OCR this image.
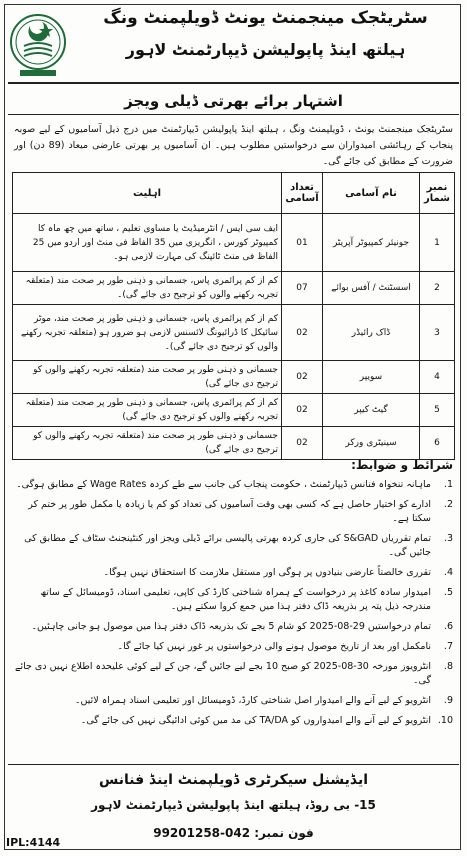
سٹریٹجک مینجمنٹ یونٹ ڈویلپمنٹ ونگ
ہیلتھ اینڈ پاپولیشن ڈیپارٹمنٹ لاہور
اشتہار برائے بھرتی ڈیلی ویجز
سٹریٹجک مینجمنٹ یونٹ ، ڈویلپمنٹ ونگ ، ہیلتھ اینڈ پاپولیشن ڈیپارٹمنٹ میں درج ذیل آسامیوں کے لیے صوبہ پنجاب کے رہائشی امیدواران سے درخواستیں مطلوب ہیں۔ ان آسامیوں پر بھرتی عارضی میعاد (89 دن) اور ضرورت کے مطابق کی جائے گی۔
نمبر شمار	نام آسامی	تعداد آسامی	اہلیت
1	جونیئر کمپیوٹر آپریٹر	01	ایف سی ایس / انٹرمیڈیٹ یا مساوی تعلیم ، ساتھ میں چھ ماہ کا کمپیوٹر کورس ، انگریزی میں 35 الفاظ فی منٹ اور اردو میں 25 الفاظ فی منٹ ٹائپنگ کی مہارت لازمی ہو۔
2	اسسٹنٹ / آفس بوائے	07	کم از کم پرائمری پاس، جسمانی و ذہنی طور پر صحت مند (متعلقہ تجربہ رکھنے والوں کو ترجیح دی جائے گی)۔
3	ڈاک رائیڈر	02	کم از کم پرائمری پاس، جسمانی و ذہنی طور پر صحت مند، موٹر سائیکل کا ڈرائیونگ لائسنس لازمی ہو ضرور ہو (متعلقہ تجربہ رکھنے والوں کو ترجیح دی جائے گی)۔
4	سویپر	02	جسمانی و ذہنی طور پر صحت مند (متعلقہ تجربہ رکھنے والوں کو ترجیح دی جائے گی)
5	گیٹ کیپر	02	کم از کم پرائمری پاس، جسمانی و ذہنی طور پر صحت مند (متعلقہ تجربہ رکھنے والوں کو ترجیح دی جائے گی)
6	سینیٹری ورکر	02	جسمانی و ذہنی طور پر صحت مند (متعلقہ تجربہ رکھنے والوں کو ترجیح دی جائے گی)
شرائط و ضوابط:
1.
ماہانہ تنخواہ فنانس ڈیپارٹمنٹ ، حکومت پنجاب کی جانب سے طے کردہ Wage Rates کے مطابق ہوگی۔
2.
ادارے کو اختیار حاصل ہے کہ کسی بھی وقت آسامیوں کی تعداد کو کم یا زیادہ یا مکمل طور پر ختم کر سکتا ہے۔
3.
تمام تقرریاں S&GAD کی جاری کردہ بھرتی پالیسی برائے ڈیلی ویجز اور کنٹینجنٹ سٹاف کے مطابق کی جائیں گی۔
4.
تقرری خالصتاً عارضی بنیادوں پر ہوگی اور مستقل ملازمت کا استحقاق نہیں ہوگا۔
5.
امیدوار سادہ کاغذ پر درخواست کے ہمراہ شناختی کارڈ کی کاپی، تعلیمی اسناد، ڈومیسائل کے ساتھ مندرجہ ذیل پتہ پر بذریعہ ڈاک دفتر ہذا میں جمع کروا سکتے ہیں۔
6.
تمام درخواستیں 29-08-2025 کو شام 5 بجے تک بذریعہ ڈاک دفتر ہذا میں موصول ہو جانی چاہئیں۔
7.
نامکمل اور بعد از تاریخ موصول ہونے والی درخواستوں پر غور نہیں کیا جائے گا۔
8.
انٹرویوز مورخہ 30-08-2025 کو صبح 10 بجے لیے جائیں گے، جن کے لیے کوئی علیحدہ اطلاع نہیں دی جائے گی۔
9.
انٹرویو کے لیے آنے والے امیدوار اصل شناختی کارڈ، ڈومیسائل اور تعلیمی اسناد ہمراہ لائیں۔
10.
انٹرویو کے لیے آنے والے امیدواروں کو TA/DA کی مد میں کوئی ادائیگی نہیں کی جائے گی۔
ایڈیشنل سیکرٹری ڈویلپمنٹ اینڈ فنانس
15- بی روڈ، ہیلتھ اینڈ پاپولیشن ڈیپارٹمنٹ لاہور
فون نمبر: 042-99201258
IPL:4144
